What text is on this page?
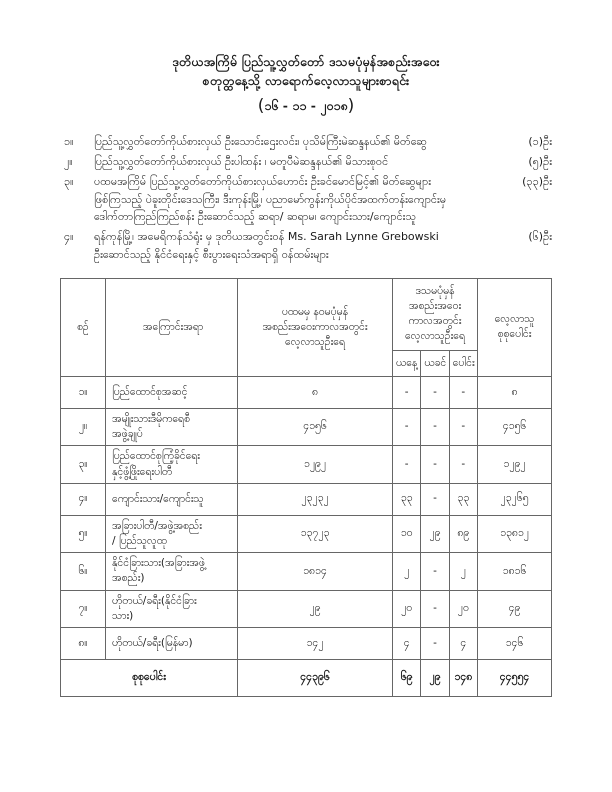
ဒုတိယအကြိမ် ပြည်သူ့လွှတ်တော် ဒသမပုံမှန်အစည်းအဝေး
စတုတ္ထနေ့သို့ လာရောက်လေ့လာသူများစာရင်း
(၁၆ - ၁၁ - ၂၀၁၈)
၁။	ပြည်သူ့လွှတ်တော်ကိုယ်စားလှယ် ဦးသောင်းဌေးလင်း၊ ပုသိမ်ကြီးမဲဆန္ဒနယ်၏ မိတ်ဆွေ	(၁)ဦး
၂။	ပြည်သူ့လွှတ်တော်ကိုယ်စားလှယ် ဦးပါထန်း ၊ မတူပီမဲဆန္ဒနယ်၏ မိသားစုဝင်	(၅)ဦး
၃။	ပထမအကြိမ် ပြည်သူ့လွှတ်တော်ကိုယ်စားလှယ်ဟောင်း ဦးခင်မောင်မြင့်၏ မိတ်ဆွေများ	(၃၃)ဦး
ဖြစ်ကြသည့် ပဲခူးတိုင်းဒေသကြီး၊ ဒီးကုန်းမြို့၊ ပညာမော်ကွန်းကိုယ်ပိုင်အထက်တန်းကျောင်းမှ
ဒေါက်တာကြည်ကြည်စန်း ဦးဆောင်သည့် ဆရာ/ ဆရာမ၊ ကျောင်းသား/ကျောင်းသူ
၄။	ရန်ကုန်မြို့၊ အမေရိကန်သံရုံး မှ ဒုတိယအတွင်းဝန် Ms. Sarah Lynne Grebowski	(၆)ဦး
ဦးဆောင်သည့် နိုင်ငံရေးနှင့် စီးပွားရေးသံအရာရှိ ဝန်ထမ်းများ
စဉ်	အကြောင်းအရာ	
ပထမမှ နဝမပုံမှန်
အစည်းအဝေးကာလအတွင်း
လေ့လာသူဦးရေ

ဒသမပုံမှန်အစည်းအဝေး
ကာလအတွင်း
လေ့လာသူဦးရေ

လေ့လာသူ
စုစုပေါင်း

			ယနေ့	ယခင်	ပေါင်း	
၁။	ပြည်ထောင်စုအဆင့်	၈	-	-	-	၈
၂။	အမျိုးသားဒီမိုကရေစီ
အဖွဲ့ချုပ်	၄၁၅၆	-	-	-	၄၁၅၆
၃။	ပြည်ထောင်စုကြံ့ခိုင်ရေး
နှင့်ဖွံ့ဖြိုးရေးပါတီ	၁၂၉၂	-	-	-	၁၂၉၂
၄။	ကျောင်းသား/ကျောင်းသူ	၂၃၂၃၂	၃၃	-	၃၃	၂၃၂၆၅
၅။	အခြားပါတီ/အဖွဲ့အစည်း
/ ပြည်သူလူထု	၁၃၇၂၃	၁၀	၂၉	၈၉	၁၃၈၁၂
၆။	နိုင်ငံခြားသား(အခြားအဖွဲ့
အစည်း)	၁၈၁၄	၂	-	၂	၁၈၁၆
၇။	ဟိုတယ်/ခရီး(နိုင်ငံခြား
သား)	၂၉	၂၀	-	၂၀	၄၉
၈။	ဟိုတယ်/ခရီး(မြန်မာ)	၁၄၂	၄	-	၄	၁၄၆
စုစုပေါင်း		၄၄၃၉၆	၆၉	၂၉	၁၄၈	၄၄၅၅၄
